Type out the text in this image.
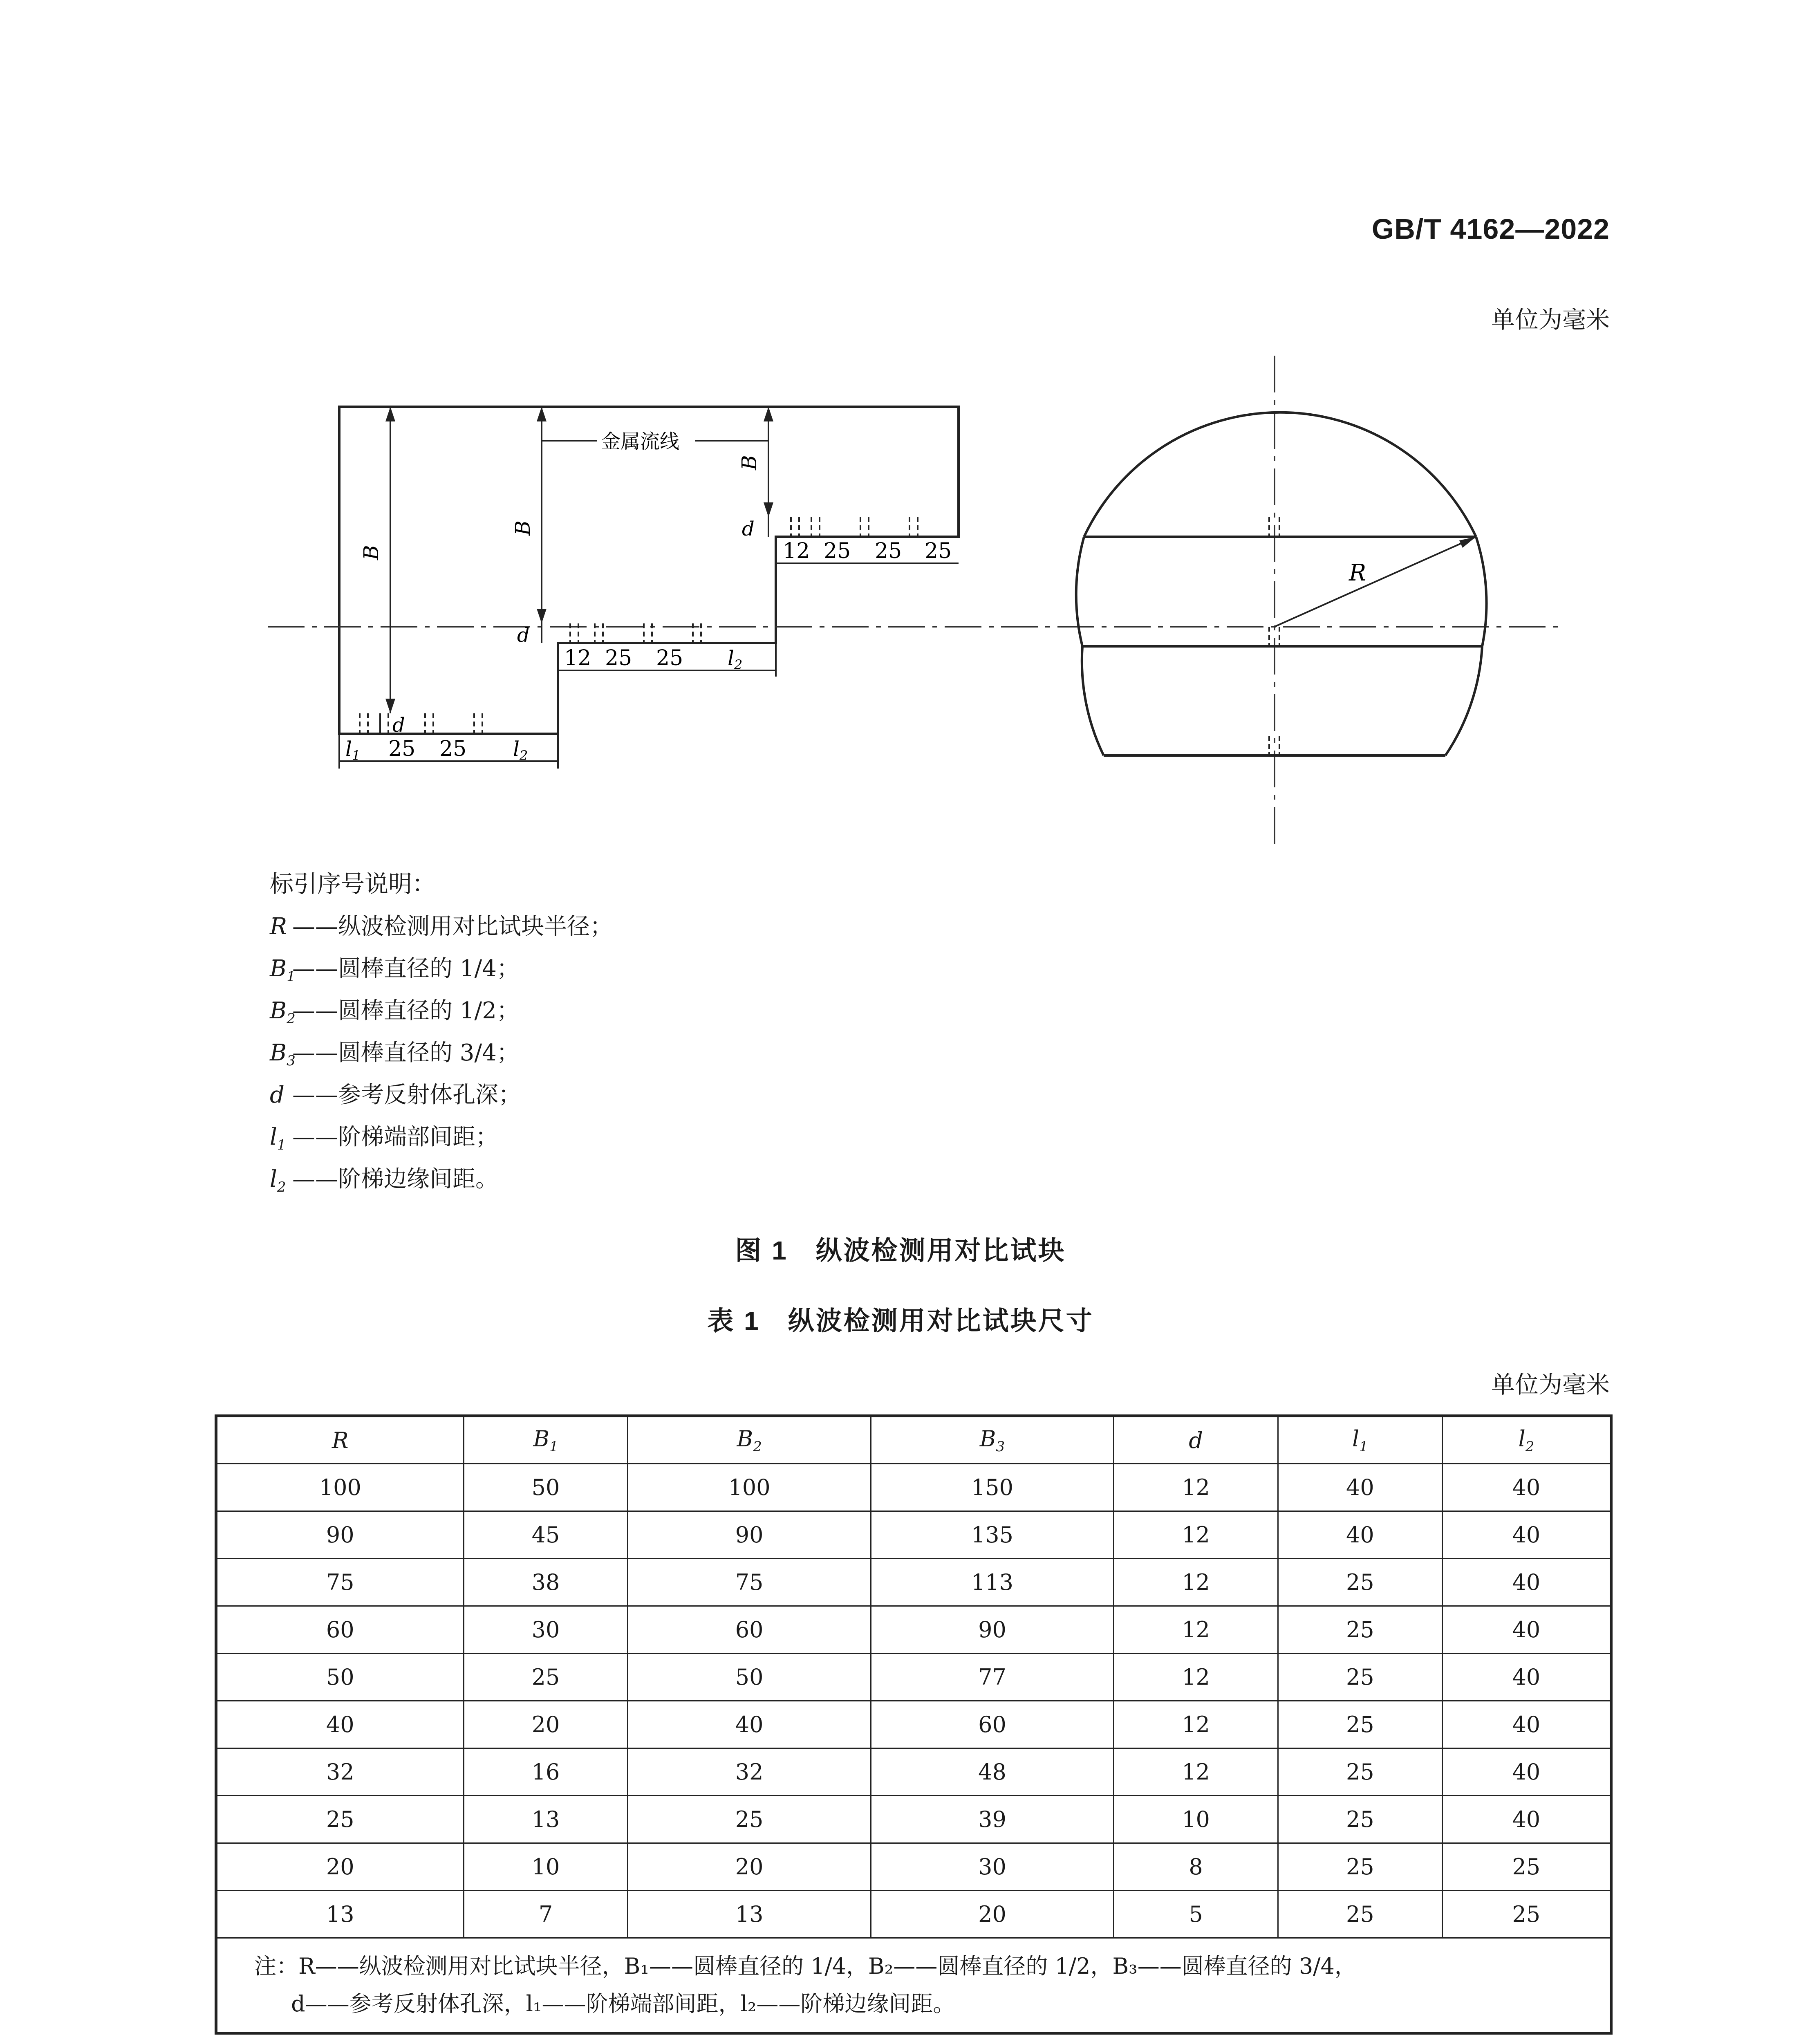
GB/T 4162—2022
单位为毫米
R
B
B
B
d
d
d
金属流线
12 25 25 25
12 25 25
25 25
$l_2$
$l_2$
$l_1$
标引序号说明：
R ——纵波检测用对比试块半径；
$B_1$
——圆棒直径的 1/4；
$B_2$
——圆棒直径的 1/2；
$B_3$
——圆棒直径的 3/4；
d ——参考反射体孔深；
$l_1$ ——阶梯端部间距；
$l_2$ ——阶梯边缘间距。
图 1　纵波检测用对比试块
表 1　纵波检测用对比试块尺寸
单位为毫米
R	$B_1$	$B_2$	$B_3$	d	$l_1$	$l_2$
100	50	100	150	12	40	40
90	45	90	135	12	40	40
75	38	75	113	12	25	40
60	30	60	90	12	25	40
50	25	50	77	12	25	40
40	20	40	60	12	25	40
32	16	32	48	12	25	40
25	13	25	39	10	25	40
20	10	20	30	8	25	25
13	7	13	20	5	25	25

注：R——纵波检测用对比试块半径，B₁——圆棒直径的 1/4，B₂——圆棒直径的 1/2，B₃——圆棒直径的 3/4，
d——参考反射体孔深，l₁——阶梯端部间距，l₂——阶梯边缘间距。						
